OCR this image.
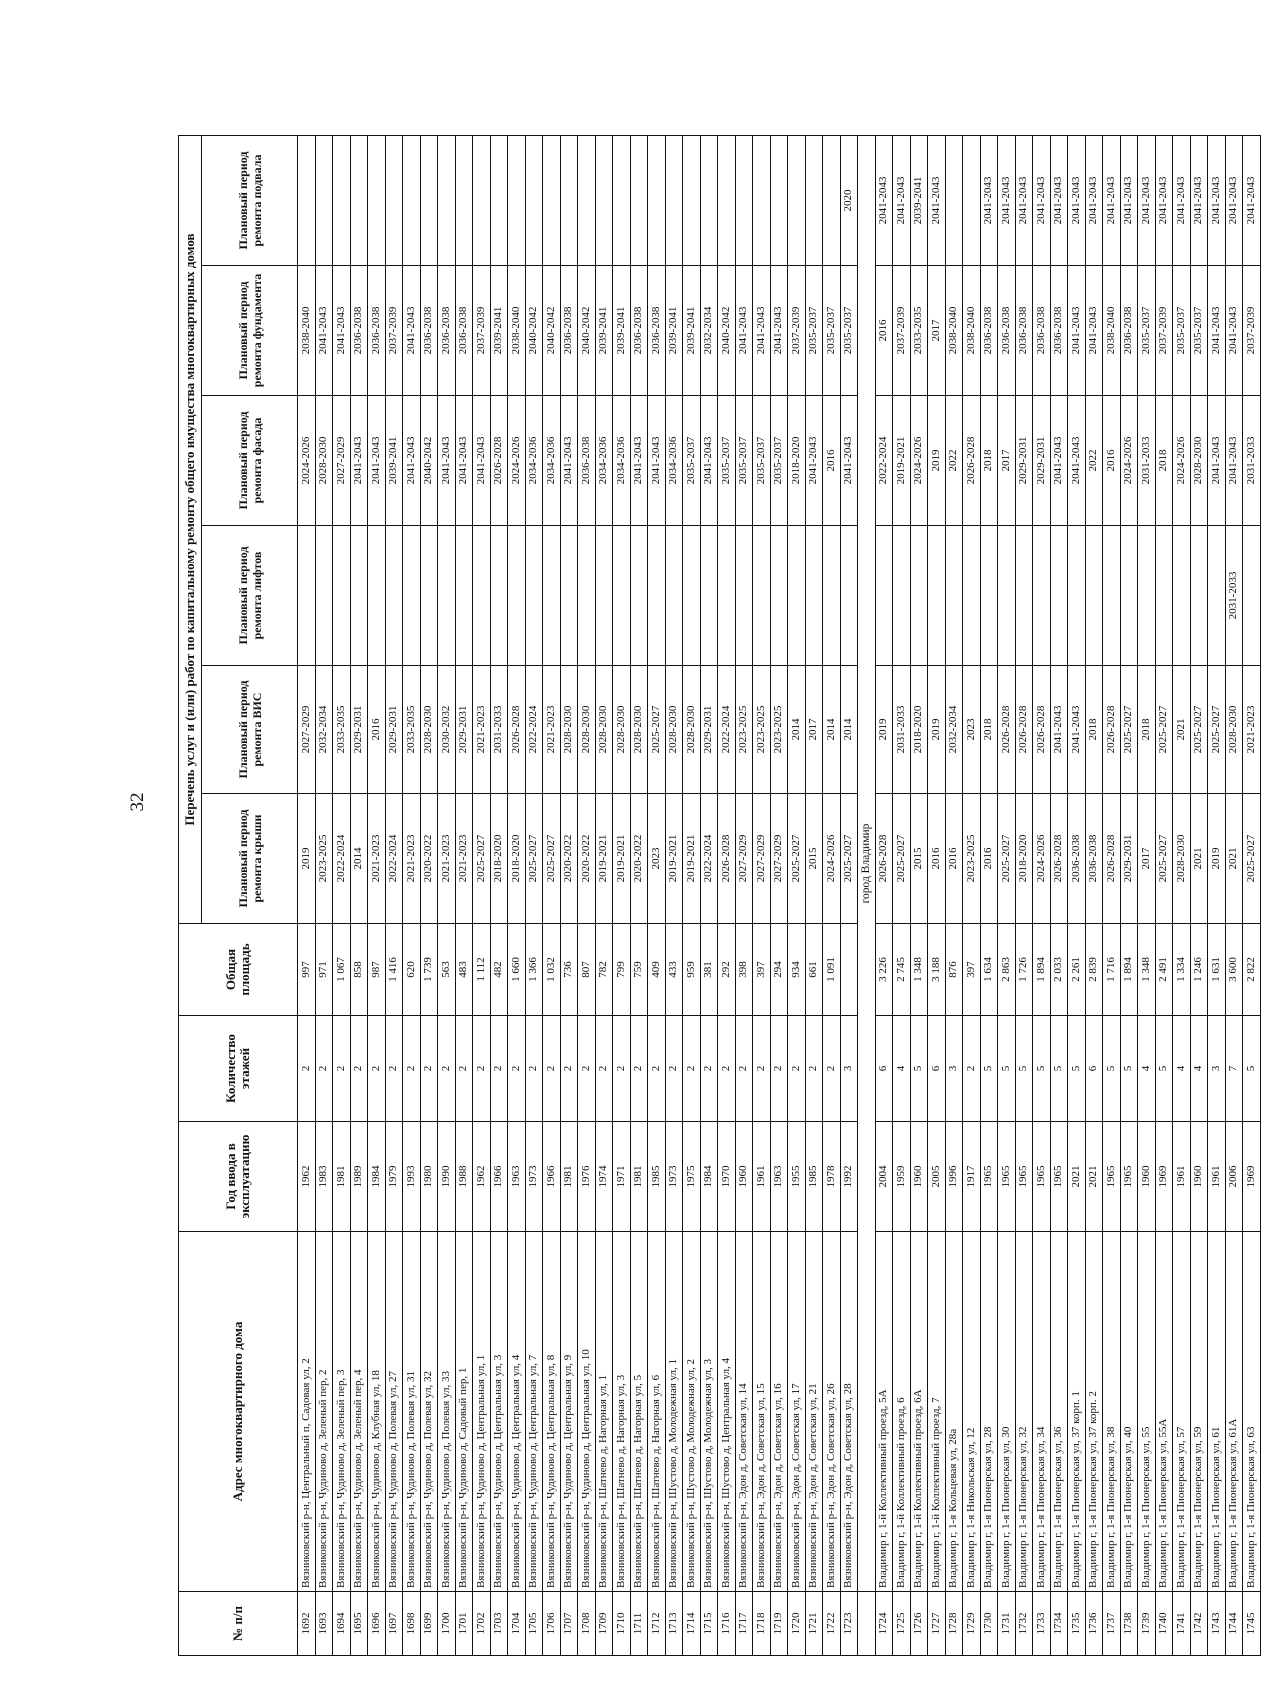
32
№ п/п	Адрес многоквартирного дома	Год ввода в эксплуатацию	Количество этажей	Общая площадь	Перечень услуг и (или) работ по капитальному ремонту общего имущества многоквартирных домов					
					Плановый период ремонта крыши	Плановый период ремонта ВИС	Плановый период ремонта лифтов	Плановый период ремонта фасада	Плановый период ремонта фундамента	Плановый период ремонта подвала
1692	Вязниковский р-н, Центральный п, Садовая ул, 2	1962	2	997	2019	2027-2029		2024-2026	2038-2040	
1693	Вязниковский р-н, Чудиново д, Зеленый пер, 2	1983	2	971	2023-2025	2032-2034		2028-2030	2041-2043	
1694	Вязниковский р-н, Чудиново д, Зеленый пер, 3	1981	2	1 067	2022-2024	2033-2035		2027-2029	2041-2043	
1695	Вязниковский р-н, Чудиново д, Зеленый пер, 4	1989	2	858	2014	2029-2031		2041-2043	2036-2038	
1696	Вязниковский р-н, Чудиново д, Клубная ул, 18	1984	2	987	2021-2023	2016		2041-2043	2036-2038	
1697	Вязниковский р-н, Чудиново д, Полевая ул, 27	1979	2	1 416	2022-2024	2029-2031		2039-2041	2037-2039	
1698	Вязниковский р-н, Чудиново д, Полевая ул, 31	1993	2	620	2021-2023	2033-2035		2041-2043	2041-2043	
1699	Вязниковский р-н, Чудиново д, Полевая ул, 32	1980	2	1 739	2020-2022	2028-2030		2040-2042	2036-2038	
1700	Вязниковский р-н, Чудиново д, Полевая ул, 33	1990	2	563	2021-2023	2030-2032		2041-2043	2036-2038	
1701	Вязниковский р-н, Чудиново д, Садовый пер, 1	1988	2	483	2021-2023	2029-2031		2041-2043	2036-2038	
1702	Вязниковский р-н, Чудиново д, Центральная ул, 1	1962	2	1 112	2025-2027	2021-2023		2041-2043	2037-2039	
1703	Вязниковский р-н, Чудиново д, Центральная ул, 3	1966	2	482	2018-2020	2031-2033		2026-2028	2039-2041	
1704	Вязниковский р-н, Чудиново д, Центральная ул, 4	1963	2	1 660	2018-2020	2026-2028		2024-2026	2038-2040	
1705	Вязниковский р-н, Чудиново д, Центральная ул, 7	1973	2	1 366	2025-2027	2022-2024		2034-2036	2040-2042	
1706	Вязниковский р-н, Чудиново д, Центральная ул, 8	1966	2	1 032	2025-2027	2021-2023		2034-2036	2040-2042	
1707	Вязниковский р-н, Чудиново д, Центральная ул, 9	1981	2	736	2020-2022	2028-2030		2041-2043	2036-2038	
1708	Вязниковский р-н, Чудиново д, Центральная ул, 10	1976	2	807	2020-2022	2028-2030		2036-2038	2040-2042	
1709	Вязниковский р-н, Шатнево д, Нагорная ул, 1	1974	2	782	2019-2021	2028-2030		2034-2036	2039-2041	
1710	Вязниковский р-н, Шатнево д, Нагорная ул, 3	1971	2	799	2019-2021	2028-2030		2034-2036	2039-2041	
1711	Вязниковский р-н, Шатнево д, Нагорная ул, 5	1981	2	759	2020-2022	2028-2030		2041-2043	2036-2038	
1712	Вязниковский р-н, Шатнево д, Нагорная ул, 6	1985	2	409	2023	2025-2027		2041-2043	2036-2038	
1713	Вязниковский р-н, Шустово д, Молодежная ул, 1	1973	2	433	2019-2021	2028-2030		2034-2036	2039-2041	
1714	Вязниковский р-н, Шустово д, Молодежная ул, 2	1975	2	959	2019-2021	2028-2030		2035-2037	2039-2041	
1715	Вязниковский р-н, Шустово д, Молодежная ул, 3	1984	2	381	2022-2024	2029-2031		2041-2043	2032-2034	
1716	Вязниковский р-н, Шустово д, Центральная ул, 4	1970	2	292	2026-2028	2022-2024		2035-2037	2040-2042	
1717	Вязниковский р-н, Эдон д, Советская ул, 14	1960	2	398	2027-2029	2023-2025		2035-2037	2041-2043	
1718	Вязниковский р-н, Эдон д, Советская ул, 15	1961	2	397	2027-2029	2023-2025		2035-2037	2041-2043	
1719	Вязниковский р-н, Эдон д, Советская ул, 16	1963	2	294	2027-2029	2023-2025		2035-2037	2041-2043	
1720	Вязниковский р-н, Эдон д, Советская ул, 17	1955	2	934	2025-2027	2014		2018-2020	2037-2039	
1721	Вязниковский р-н, Эдон д, Советская ул, 21	1985	2	661	2015	2017		2041-2043	2035-2037	
1722	Вязниковский р-н, Эдон д, Советская ул, 26	1978	2	1 091	2024-2026	2014		2016	2035-2037	
1723	Вязниковский р-н, Эдон д, Советская ул, 28	1992	3		2025-2027	2014		2041-2043	2035-2037	2020
	город Владимир									
1724	Владимир г, 1-й Коллективный проезд, 5А	2004	6	3 226	2026-2028	2019		2022-2024	2016	2041-2043
1725	Владимир г, 1-й Коллективный проезд, 6	1959	4	2 745	2025-2027	2031-2033		2019-2021	2037-2039	2041-2043
1726	Владимир г, 1-й Коллективный проезд, 6А	1960	5	1 348	2015	2018-2020		2024-2026	2033-2035	2039-2041
1727	Владимир г, 1-й Коллективный проезд, 7	2005	6	3 188	2016	2019		2019	2017	2041-2043
1728	Владимир г, 1-я Кольцевая ул, 28а	1996	3	876	2016	2032-2034		2022	2038-2040	
1729	Владимир г, 1-я Никольская ул, 12	1917	2	397	2023-2025	2023		2026-2028	2038-2040	
1730	Владимир г, 1-я Пионерская ул, 28	1965	5	1 634	2016	2018		2018	2036-2038	2041-2043
1731	Владимир г, 1-я Пионерская ул, 30	1965	5	2 863	2025-2027	2026-2028		2017	2036-2038	2041-2043
1732	Владимир г, 1-я Пионерская ул, 32	1965	5	1 726	2018-2020	2026-2028		2029-2031	2036-2038	2041-2043
1733	Владимир г, 1-я Пионерская ул, 34	1965	5	1 894	2024-2026	2026-2028		2029-2031	2036-2038	2041-2043
1734	Владимир г, 1-я Пионерская ул, 36	1965	5	2 033	2026-2028	2041-2043		2041-2043	2036-2038	2041-2043
1735	Владимир г, 1-я Пионерская ул, 37 корп. 1	2021	5	2 261	2036-2038	2041-2043		2041-2043	2041-2043	2041-2043
1736	Владимир г, 1-я Пионерская ул, 37 корп. 2	2021	6	2 839	2036-2038	2018		2022	2041-2043	2041-2043
1737	Владимир г, 1-я Пионерская ул, 38	1965	5	1 716	2026-2028	2026-2028		2016	2038-2040	2041-2043
1738	Владимир г, 1-я Пионерская ул, 40	1965	5	1 894	2029-2031	2025-2027		2024-2026	2036-2038	2041-2043
1739	Владимир г, 1-я Пионерская ул, 55	1960	4	1 348	2017	2018		2031-2033	2035-2037	2041-2043
1740	Владимир г, 1-я Пионерская ул, 55А	1969	5	2 491	2025-2027	2025-2027		2018	2037-2039	2041-2043
1741	Владимир г, 1-я Пионерская ул, 57	1961	4	1 334	2028-2030	2021		2024-2026	2035-2037	2041-2043
1742	Владимир г, 1-я Пионерская ул, 59	1960	4	1 246	2021	2025-2027		2028-2030	2035-2037	2041-2043
1743	Владимир г, 1-я Пионерская ул, 61	1961	3	1 631	2019	2025-2027		2041-2043	2041-2043	2041-2043
1744	Владимир г, 1-я Пионерская ул, 61А	2006	7	3 600	2021	2028-2030	2031-2033	2041-2043	2041-2043	2041-2043
1745	Владимир г, 1-я Пионерская ул, 63	1969	5	2 822	2025-2027	2021-2023		2031-2033	2037-2039	2041-2043
